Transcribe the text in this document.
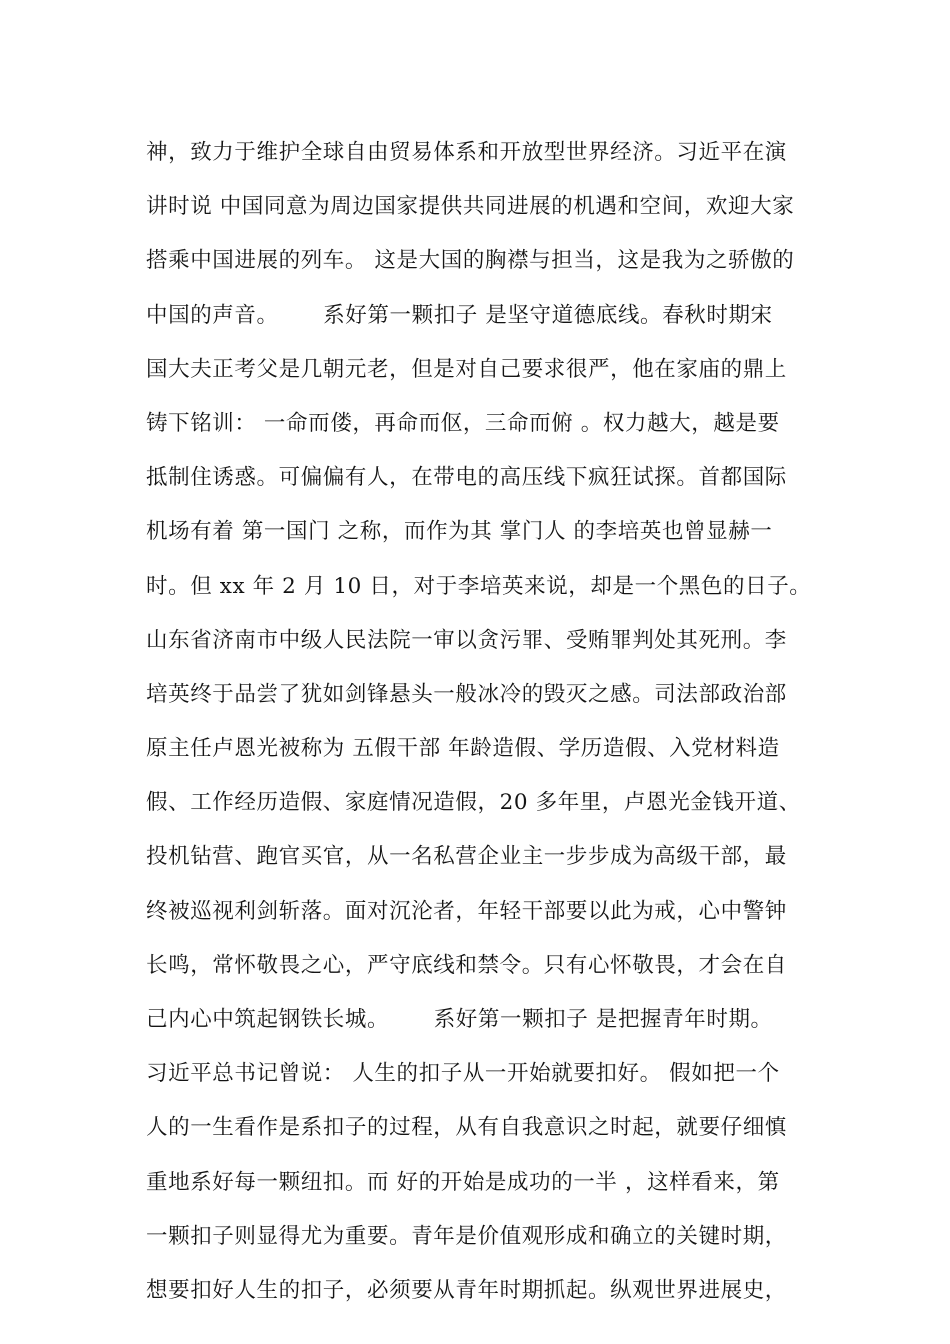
神，致力于维护全球自由贸易体系和开放型世界经济。习近平在演
讲时说 中国同意为周边国家提供共同进展的机遇和空间，欢迎大家
搭乘中国进展的列车。 这是大国的胸襟与担当，这是我为之骄傲的
中国的声音。      系好第一颗扣子 是坚守道德底线。春秋时期宋
国大夫正考父是几朝元老，但是对自己要求很严，他在家庙的鼎上
铸下铭训： 一命而偻，再命而伛，三命而俯 。权力越大，越是要
抵制住诱惑。可偏偏有人，在带电的高压线下疯狂试探。首都国际
机场有着 第一国门 之称，而作为其 掌门人 的李培英也曾显赫一
时。但 xx 年 2 月 10 日，对于李培英来说，却是一个黑色的日子。
山东省济南市中级人民法院一审以贪污罪、受贿罪判处其死刑。李
培英终于品尝了犹如剑锋悬头一般冰冷的毁灭之感。司法部政治部
原主任卢恩光被称为 五假干部 年龄造假、学历造假、入党材料造
假、工作经历造假、家庭情况造假，20 多年里，卢恩光金钱开道、
投机钻营、跑官买官，从一名私营企业主一步步成为高级干部，最
终被巡视利剑斩落。面对沉沦者，年轻干部要以此为戒，心中警钟
长鸣，常怀敬畏之心，严守底线和禁令。只有心怀敬畏，才会在自
己内心中筑起钢铁长城。      系好第一颗扣子 是把握青年时期。
习近平总书记曾说： 人生的扣子从一开始就要扣好。 假如把一个
人的一生看作是系扣子的过程，从有自我意识之时起，就要仔细慎
重地系好每一颗纽扣。而 好的开始是成功的一半 ，这样看来，第
一颗扣子则显得尤为重要。青年是价值观形成和确立的关键时期，
想要扣好人生的扣子，必须要从青年时期抓起。纵观世界进展史，
